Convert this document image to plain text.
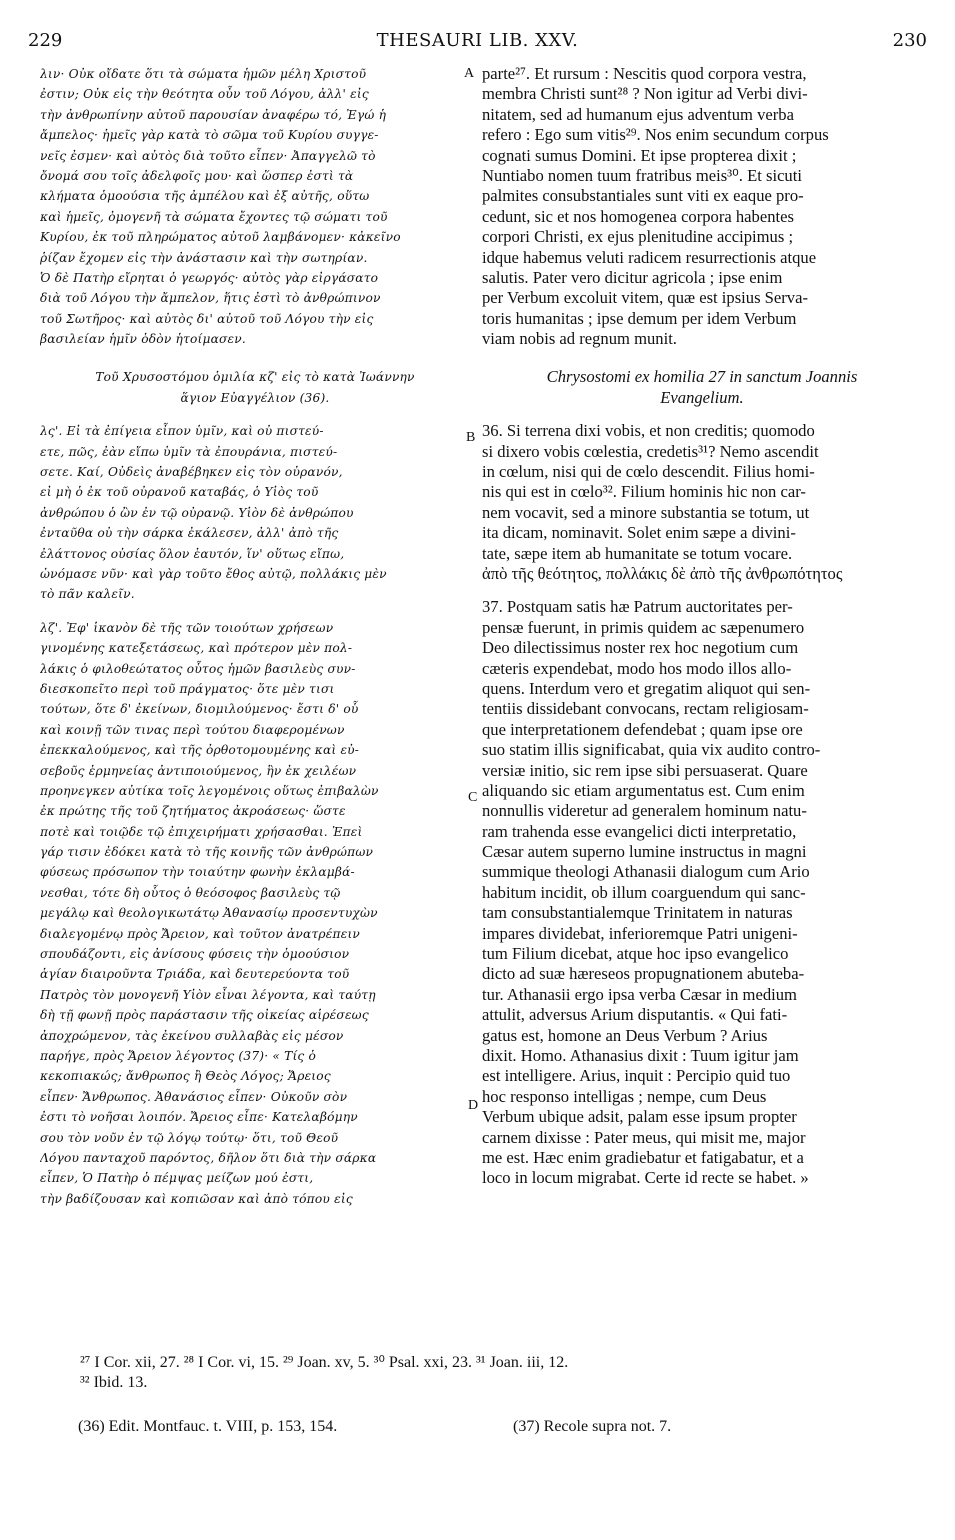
229	THESAURI LIB. XXV.	230
A
B
C
D
λιν· Οὐκ οἴδατε ὅτι τὰ σώματα ἡμῶν μέλη Χριστοῦ
ἐστιν; Οὐκ εἰς τὴν θεότητα οὖν τοῦ Λόγου, ἀλλ' εἰς
τὴν ἀνθρωπίνην αὐτοῦ παρουσίαν ἀναφέρω τό, Ἐγώ ἡ
ἄμπελος· ἡμεῖς γὰρ κατὰ τὸ σῶμα τοῦ Κυρίου συγγε-
νεῖς ἐσμεν· καὶ αὐτὸς διὰ τοῦτο εἶπεν· Ἀπαγγελῶ τὸ
ὄνομά σου τοῖς ἀδελφοῖς μου· καὶ ὥσπερ ἐστὶ τὰ
κλήματα ὁμοούσια τῆς ἀμπέλου καὶ ἐξ αὐτῆς, οὕτω
καὶ ἡμεῖς, ὁμογενῆ τὰ σώματα ἔχοντες τῷ σώματι τοῦ
Κυρίου, ἐκ τοῦ πληρώματος αὐτοῦ λαμβάνομεν· κἀκεῖνο
ῥίζαν ἔχομεν εἰς τὴν ἀνάστασιν καὶ τὴν σωτηρίαν.
Ὁ δὲ Πατὴρ εἴρηται ὁ γεωργός· αὐτὸς γὰρ εἰργάσατο
διὰ τοῦ Λόγου τὴν ἄμπελον, ἥτις ἐστὶ τὸ ἀνθρώπινον
τοῦ Σωτῆρος· καὶ αὐτὸς δι' αὐτοῦ τοῦ Λόγου τὴν εἰς
βασιλείαν ἡμῖν ὁδὸν ἡτοίμασεν.
Τοῦ Χρυσοστόμου ὁμιλία κζ' εἰς τὸ κατὰ Ἰωάννην
ἅγιον Εὐαγγέλιον (36).
λς'. Εἰ τὰ ἐπίγεια εἶπον ὑμῖν, καὶ οὐ πιστεύ-
ετε, πῶς, ἐὰν εἴπω ὑμῖν τὰ ἐπουράνια, πιστεύ-
σετε. Καί, Οὐδεὶς ἀναβέβηκεν εἰς τὸν οὐρανόν,
εἰ μὴ ὁ ἐκ τοῦ οὐρανοῦ καταβάς, ὁ Υἱὸς τοῦ
ἀνθρώπου ὁ ὢν ἐν τῷ οὐρανῷ. Υἱὸν δὲ ἀνθρώπου
ἐνταῦθα οὐ τὴν σάρκα ἐκάλεσεν, ἀλλ' ἀπὸ τῆς
ἐλάττονος οὐσίας ὅλον ἑαυτόν, ἵν' οὕτως εἴπω,
ὠνόμασε νῦν· καὶ γὰρ τοῦτο ἔθος αὐτῷ, πολλάκις μὲν
τὸ πᾶν καλεῖν.
λζ'. Ἐφ' ἱκανὸν δὲ τῆς τῶν τοιούτων χρήσεων
γινομένης κατεξετάσεως, καὶ πρότερον μὲν πολ-
λάκις ὁ φιλοθεώτατος οὗτος ἡμῶν βασιλεὺς συν-
διεσκοπεῖτο περὶ τοῦ πράγματος· ὅτε μὲν τισι
τούτων, ὅτε δ' ἐκείνων, διομιλούμενος· ἔστι δ' οὗ
καὶ κοινῇ τῶν τινας περὶ τούτου διαφερομένων
ἐπεκκαλούμενος, καὶ τῆς ὀρθοτομουμένης καὶ εὐ-
σεβοῦς ἑρμηνείας ἀντιποιούμενος, ἣν ἐκ χειλέων
προηνεγκεν αὐτίκα τοῖς λεγομένοις οὕτως ἐπιβαλὼν
ἐκ πρώτης τῆς τοῦ ζητήματος ἀκροάσεως· ὥστε
ποτὲ καὶ τοιῷδε τῷ ἐπιχειρήματι χρήσασθαι. Ἐπεὶ
γάρ τισιν ἐδόκει κατὰ τὸ τῆς κοινῆς τῶν ἀνθρώπων
φύσεως πρόσωπον τὴν τοιαύτην φωνὴν ἐκλαμβά-
νεσθαι, τότε δὴ οὗτος ὁ θεόσοφος βασιλεὺς τῷ
μεγάλῳ καὶ θεολογικωτάτῳ Ἀθανασίῳ προσεντυχὼν
διαλεγομένῳ πρὸς Ἄρειον, καὶ τοῦτον ἀνατρέπειν
σπουδάζοντι, εἰς ἀνίσους φύσεις τὴν ὁμοούσιον
ἁγίαν διαιροῦντα Τριάδα, καὶ δευτερεύοντα τοῦ
Πατρὸς τὸν μονογενῆ Υἱὸν εἶναι λέγοντα, καὶ ταύτῃ
δὴ τῇ φωνῇ πρὸς παράστασιν τῆς οἰκείας αἱρέσεως
ἀποχρώμενον, τὰς ἐκείνου συλλαβὰς εἰς μέσον
παρήγε, πρὸς Ἄρειον λέγοντος (37)· « Τίς ὁ
κεκοπιακώς; ἄνθρωπος ἢ Θεὸς Λόγος; Ἄρειος
εἶπεν· Ἄνθρωπος. Ἀθανάσιος εἶπεν· Οὐκοῦν σὸν
ἐστι τὸ νοῆσαι λοιπόν. Ἄρειος εἶπε· Κατελαβόμην
σου τὸν νοῦν ἐν τῷ λόγῳ τούτῳ· ὅτι, τοῦ Θεοῦ
Λόγου πανταχοῦ παρόντος, δῆλον ὅτι διὰ τὴν σάρκα
εἶπεν, Ὁ Πατὴρ ὁ πέμψας μείζων μού ἐστι,
τὴν βαδίζουσαν καὶ κοπιῶσαν καὶ ἀπὸ τόπου εἰς
parte²⁷. Et rursum : Nescitis quod corpora vestra,
membra Christi sunt²⁸ ? Non igitur ad Verbi divi-
nitatem, sed ad humanum ejus adventum verba
refero : Ego sum vitis²⁹. Nos enim secundum corpus
cognati sumus Domini. Et ipse propterea dixit ;
Nuntiabo nomen tuum fratribus meis³⁰. Et sicuti
palmites consubstantiales sunt viti ex eaque pro-
cedunt, sic et nos homogenea corpora habentes
corpori Christi, ex ejus plenitudine accipimus ;
idque habemus veluti radicem resurrectionis atque
salutis. Pater vero dicitur agricola ; ipse enim
per Verbum excoluit vitem, quæ est ipsius Serva-
toris humanitas ; ipse demum per idem Verbum
viam nobis ad regnum munit.
Chrysostomi ex homilia 27 in sanctum Joannis
Evangelium.
36. Si terrena dixi vobis, et non creditis; quomodo
si dixero vobis cœlestia, credetis³¹? Nemo ascendit
in cœlum, nisi qui de cœlo descendit. Filius homi-
nis qui est in cœlo³². Filium hominis hic non car-
nem vocavit, sed a minore substantia se totum, ut
ita dicam, nominavit. Solet enim sæpe a divini-
tate, sæpe item ab humanitate se totum vocare.
ἀπὸ τῆς θεότητος, πολλάκις δὲ ἀπὸ τῆς ἀνθρωπότητος
37. Postquam satis hæ Patrum auctoritates per-
pensæ fuerunt, in primis quidem ac sæpenumero
Deo dilectissimus noster rex hoc negotium cum
cæteris expendebat, modo hos modo illos allo-
quens. Interdum vero et gregatim aliquot qui sen-
tentiis dissidebant convocans, rectam religiosam-
que interpretationem defendebat ; quam ipse ore
suo statim illis significabat, quia vix audito contro-
versiæ initio, sic rem ipse sibi persuaserat. Quare
aliquando sic etiam argumentatus est. Cum enim
nonnullis videretur ad generalem hominum natu-
ram trahenda esse evangelici dicti interpretatio,
Cæsar autem superno lumine instructus in magni
summique theologi Athanasii dialogum cum Ario
habitum incidit, ob illum coarguendum qui sanc-
tam consubstantialemque Trinitatem in naturas
impares dividebat, inferioremque Patri unigeni-
tum Filium dicebat, atque hoc ipso evangelico
dicto ad suæ hæreseos propugnationem abuteba-
tur. Athanasii ergo ipsa verba Cæsar in medium
attulit, adversus Arium disputantis. « Qui fati-
gatus est, homone an Deus Verbum ? Arius
dixit. Homo. Athanasius dixit : Tuum igitur jam
est intelligere. Arius, inquit : Percipio quid tuo
hoc responso intelligas ; nempe, cum Deus
Verbum ubique adsit, palam esse ipsum propter
carnem dixisse : Pater meus, qui misit me, major
me est. Hæc enim gradiebatur et fatigabatur, et a
loco in locum migrabat. Certe id recte se habet. »
²⁷ I Cor. xii, 27. ²⁸ I Cor. vi, 15. ²⁹ Joan. xv, 5. ³⁰ Psal. xxi, 23. ³¹ Joan. iii, 12.
³² Ibid. 13.
(36) Edit. Montfauc. t. VIII, p. 153, 154.	(37) Recole supra not. 7.
